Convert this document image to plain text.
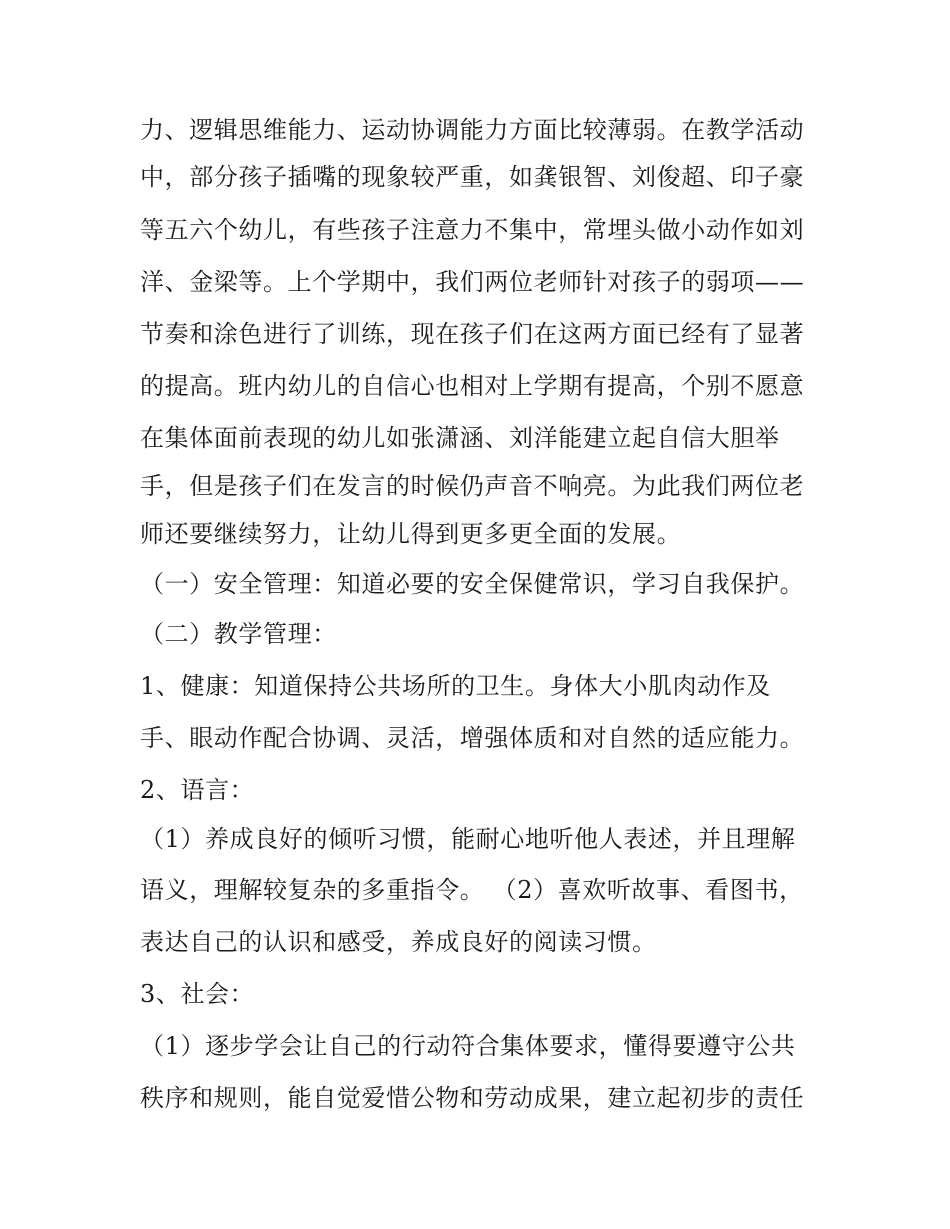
力、逻辑思维能力、运动协调能力方面比较薄弱。在教学活动
中，部分孩子插嘴的现象较严重，如龚银智、刘俊超、印子豪
等五六个幼儿，有些孩子注意力不集中，常埋头做小动作如刘
洋、金梁等。上个学期中，我们两位老师针对孩子的弱项——
节奏和涂色进行了训练，现在孩子们在这两方面已经有了显著
的提高。班内幼儿的自信心也相对上学期有提高，个别不愿意
在集体面前表现的幼儿如张潇涵、刘洋能建立起自信大胆举
手，但是孩子们在发言的时候仍声音不响亮。为此我们两位老
师还要继续努力，让幼儿得到更多更全面的发展。
（一）安全管理：知道必要的安全保健常识，学习自我保护。
（二）教学管理：
1、健康：知道保持公共场所的卫生。身体大小肌肉动作及
手、眼动作配合协调、灵活，增强体质和对自然的适应能力。
2、语言：
（1）养成良好的倾听习惯，能耐心地听他人表述，并且理解
语义，理解较复杂的多重指令。 （2）喜欢听故事、看图书，
表达自己的认识和感受，养成良好的阅读习惯。
3、社会：
（1）逐步学会让自己的行动符合集体要求，懂得要遵守公共
秩序和规则，能自觉爱惜公物和劳动成果，建立起初步的责任
